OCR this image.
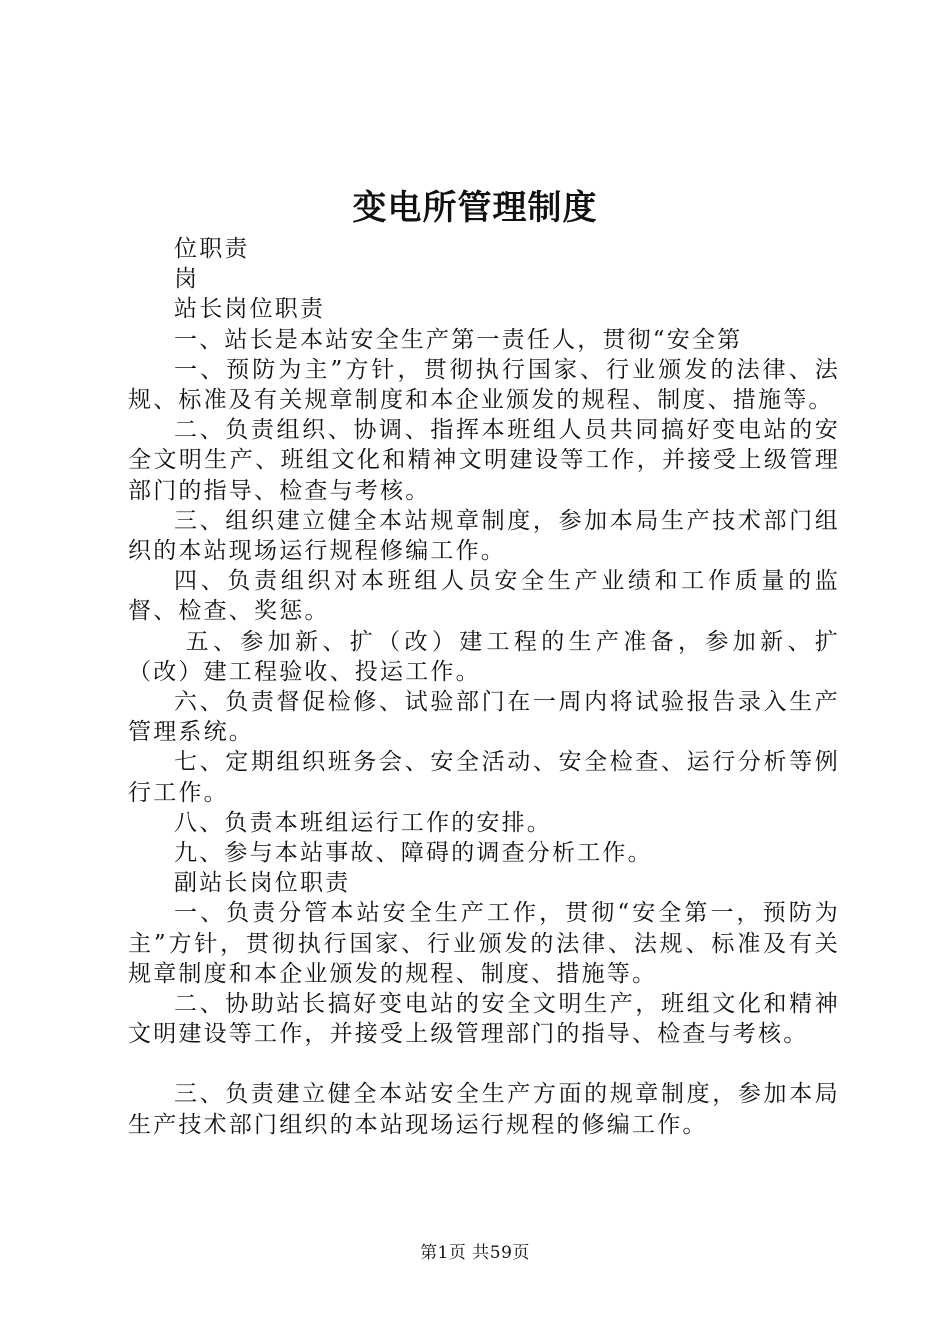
变电所管理制度

位职责

岗

站长岗位职责

一、站长是本站安全生产第一责任人，贯彻“安全第

一、预防为主”方针，贯彻执行国家、行业颁发的法律、法规、标准及有关规章制度和本企业颁发的规程、制度、措施等。

二、负责组织、协调、指挥本班组人员共同搞好变电站的安全文明生产、班组文化和精神文明建设等工作，并接受上级管理部门的指导、检查与考核。

三、组织建立健全本站规章制度，参加本局生产技术部门组织的本站现场运行规程修编工作。

四、负责组织对本班组人员安全生产业绩和工作质量的监督、检查、奖惩。

五、参加新、扩（改）建工程的生产准备，参加新、扩（改）建工程验收、投运工作。

六、负责督促检修、试验部门在一周内将试验报告录入生产管理系统。

七、定期组织班务会、安全活动、安全检查、运行分析等例行工作。

八、负责本班组运行工作的安排。

九、参与本站事故、障碍的调查分析工作。

副站长岗位职责

一、负责分管本站安全生产工作，贯彻“安全第一，预防为主”方针，贯彻执行国家、行业颁发的法律、法规、标准及有关规章制度和本企业颁发的规程、制度、措施等。

二、协助站长搞好变电站的安全文明生产，班组文化和精神文明建设等工作，并接受上级管理部门的指导、检查与考核。

三、负责建立健全本站安全生产方面的规章制度，参加本局生产技术部门组织的本站现场运行规程的修编工作。

第1页 共59页
